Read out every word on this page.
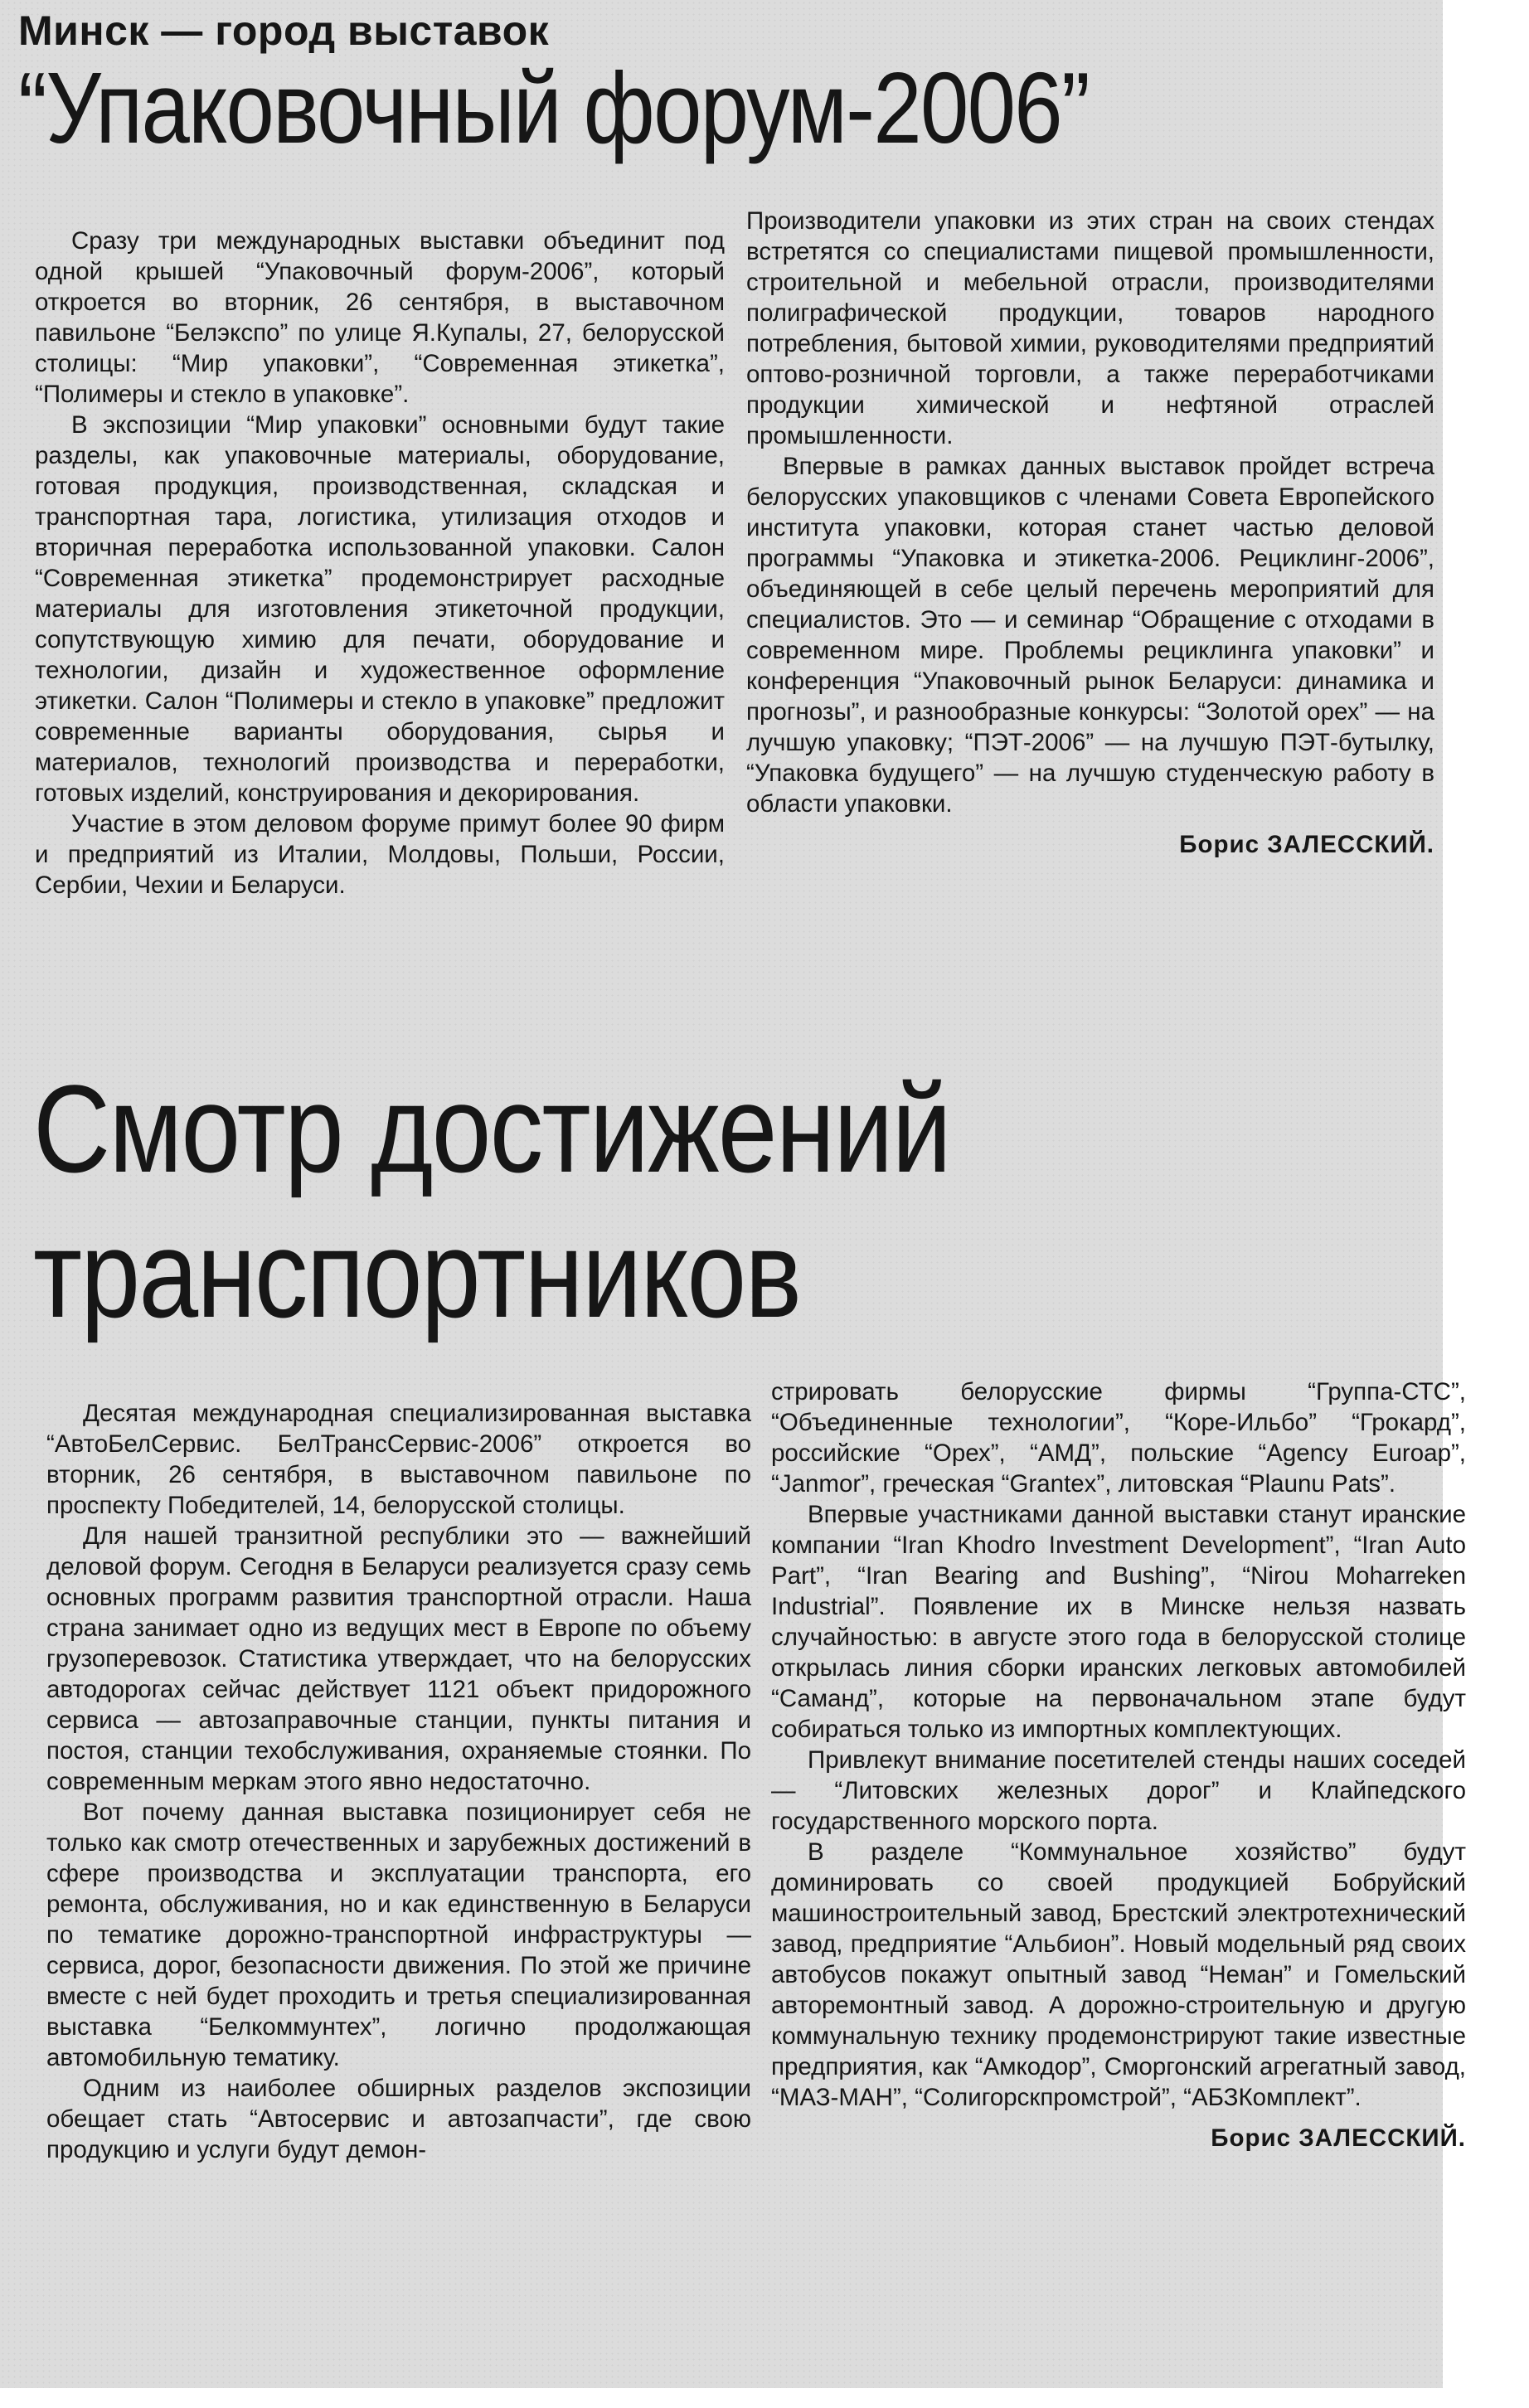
Минск — город выставок
“Упаковочный форум-2006”

Сразу три международных выставки объединит под одной крышей “Упаковочный форум-2006”, который откроется во вторник, 26 сентября, в выставочном павильоне “Белэкспо” по улице Я.Купалы, 27, белорусской столицы: “Мир упаковки”, “Современная этикетка”, “Полимеры и стекло в упаковке”.

В экспозиции “Мир упаковки” основными будут такие разделы, как упаковочные материалы, оборудование, готовая продукция, производственная, складская и транспортная тара, логистика, утилизация отходов и вторичная переработка использованной упаковки. Салон “Современная этикетка” продемонстрирует расходные материалы для изготовления этикеточной продукции, сопутствующую химию для печати, оборудование и технологии, дизайн и художественное оформление этикетки. Салон “Полимеры и стекло в упаковке” предложит современные варианты оборудования, сырья и материалов, технологий производства и переработки, готовых изделий, конструирования и декорирования.

Участие в этом деловом форуме примут более 90 фирм и предприятий из Италии, Молдовы, Польши, России, Сербии, Чехии и Беларуси.

Производители упаковки из этих стран на своих стендах встретятся со специалистами пищевой промышленности, строительной и мебельной отрасли, производителями полиграфической продукции, товаров народного потребления, бытовой химии, руководителями предприятий оптово-розничной торговли, а также переработчиками продукции химической и нефтяной отраслей промышленности.

Впервые в рамках данных выставок пройдет встреча белорусских упаковщиков с членами Совета Европейского института упаковки, которая станет частью деловой программы “Упаковка и этикетка-2006. Рециклинг-2006”, объединяющей в себе целый перечень мероприятий для специалистов. Это — и семинар “Обращение с отходами в современном мире. Проблемы рециклинга упаковки” и конференция “Упаковочный рынок Беларуси: динамика и прогнозы”, и разнообразные конкурсы: “Золотой орех” — на лучшую упаковку; “ПЭТ-2006” — на лучшую ПЭТ-бутылку, “Упаковка будущего” — на лучшую студенческую работу в области упаковки.

Борис ЗАЛЕССКИЙ.
Смотр достижений
транспортников

Десятая международная специализированная выставка “АвтоБелСервис. БелТрансСервис-2006” откроется во вторник, 26 сентября, в выставочном павильоне по проспекту Победителей, 14, белорусской столицы.

Для нашей транзитной республики это — важнейший деловой форум. Сегодня в Беларуси реализуется сразу семь основных программ развития транспортной отрасли. Наша страна занимает одно из ведущих мест в Европе по объему грузоперевозок. Статистика утверждает, что на белорусских автодорогах сейчас действует 1121 объект придорожного сервиса — автозаправочные станции, пункты питания и постоя, станции техобслуживания, охраняемые стоянки. По современным меркам этого явно недостаточно.

Вот почему данная выставка позиционирует себя не только как смотр отечественных и зарубежных достижений в сфере производства и эксплуатации транспорта, его ремонта, обслуживания, но и как единственную в Беларуси по тематике дорожно-транспортной инфраструктуры — сервиса, дорог, безопасности движения. По этой же причине вместе с ней будет проходить и третья специализированная выставка “Белкоммунтех”, логично продолжающая автомобильную тематику.

Одним из наиболее обширных разделов экспозиции обещает стать “Автосервис и автозапчасти”, где свою продукцию и услуги будут демон-

стрировать белорусские фирмы “Группа-СТС”, “Объединенные технологии”, “Коре-Ильбо” “Грокард”, российские “Орех”, “АМД”, польские “Agency Euroap”, “Janmor”, греческая “Grantex”, литовская “Plaunu Pats”.

Впервые участниками данной выставки станут иранские компании “Iran Khodro Investment Development”, “Iran Auto Part”, “Iran Bearing and Bushing”, “Nirou Moharreken Industrial”. Появление их в Минске нельзя назвать случайностью: в августе этого года в белорусской столице открылась линия сборки иранских легковых автомобилей “Саманд”, которые на первоначальном этапе будут собираться только из импортных комплектующих.

Привлекут внимание посетителей стенды наших соседей — “Литовских железных дорог” и Клайпедского государственного морского порта.

В разделе “Коммунальное хозяйство” будут доминировать со своей продукцией Бобруйский машиностроительный завод, Брестский электротехнический завод, предприятие “Альбион”. Новый модельный ряд своих автобусов покажут опытный завод “Неман” и Гомельский авторемонтный завод. А дорожно-строительную и другую коммунальную технику продемонстрируют такие известные предприятия, как “Амкодор”, Сморгонский агрегатный завод, “МАЗ-МАН”, “Солигорскпромстрой”, “АБЗКомплект”.

Борис ЗАЛЕССКИЙ.
